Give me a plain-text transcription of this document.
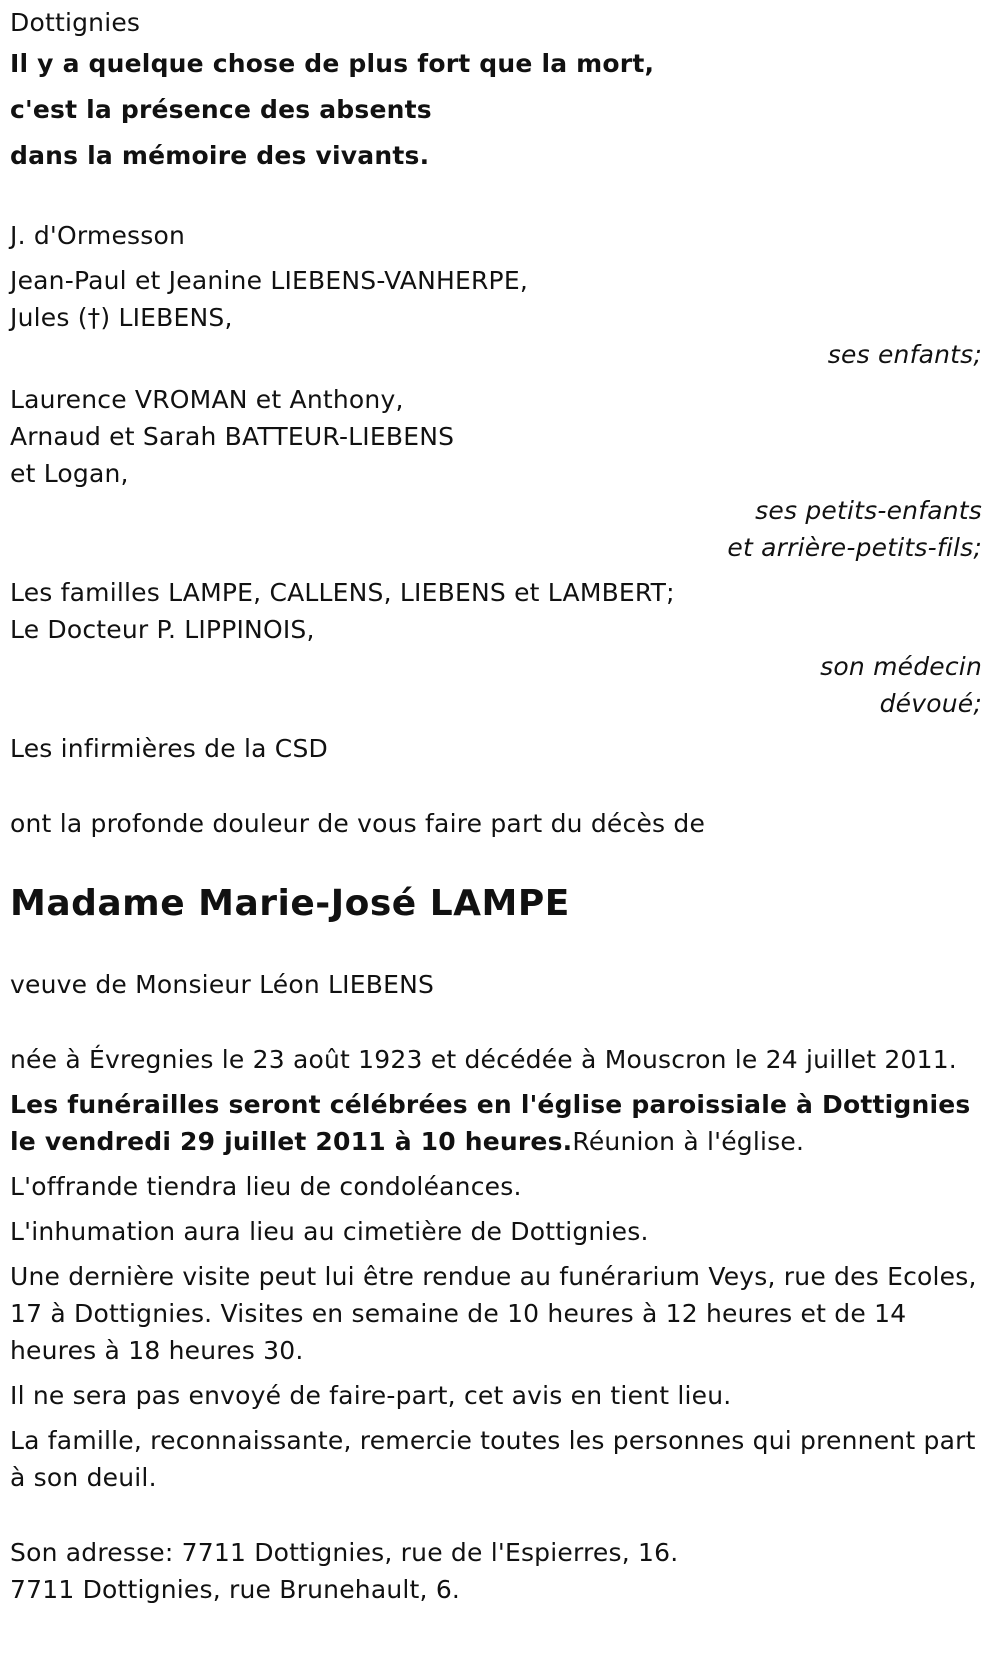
Dottignies
Il y a quelque chose de plus fort que la mort,
c'est la présence des absents
dans la mémoire des vivants.
J. d'Ormesson
Jean-Paul et Jeanine LIEBENS-VANHERPE,
Jules (†) LIEBENS,
ses enfants;
Laurence VROMAN et Anthony,
Arnaud et Sarah BATTEUR-LIEBENS
et Logan,
ses petits-enfants
et arrière-petits-fils;
Les familles LAMPE, CALLENS, LIEBENS et LAMBERT;
Le Docteur P. LIPPINOIS,
son médecin
dévoué;
Les infirmières de la CSD
ont la profonde douleur de vous faire part du décès de
Madame Marie-José LAMPE
veuve de Monsieur Léon LIEBENS
née à Évregnies le 23 août 1923 et décédée à Mouscron le 24 juillet 2011.

Les funérailles seront célébrées en l'église paroissiale à Dottignies le vendredi 29 juillet 2011 à 10 heures.Réunion à l'église.

L'offrande tiendra lieu de condoléances.
L'inhumation aura lieu au cimetière de Dottignies.

Une dernière visite peut lui être rendue au funérarium Veys, rue des Ecoles, 17 à Dottignies. Visites en semaine de 10 heures à 12 heures et de 14 heures à 18 heures 30.

Il ne sera pas envoyé de faire-part, cet avis en tient lieu.

La famille, reconnaissante, remercie toutes les personnes qui prennent part à son deuil.

Son adresse: 7711 Dottignies, rue de l'Espierres, 16.
7711 Dottignies, rue Brunehault, 6.
